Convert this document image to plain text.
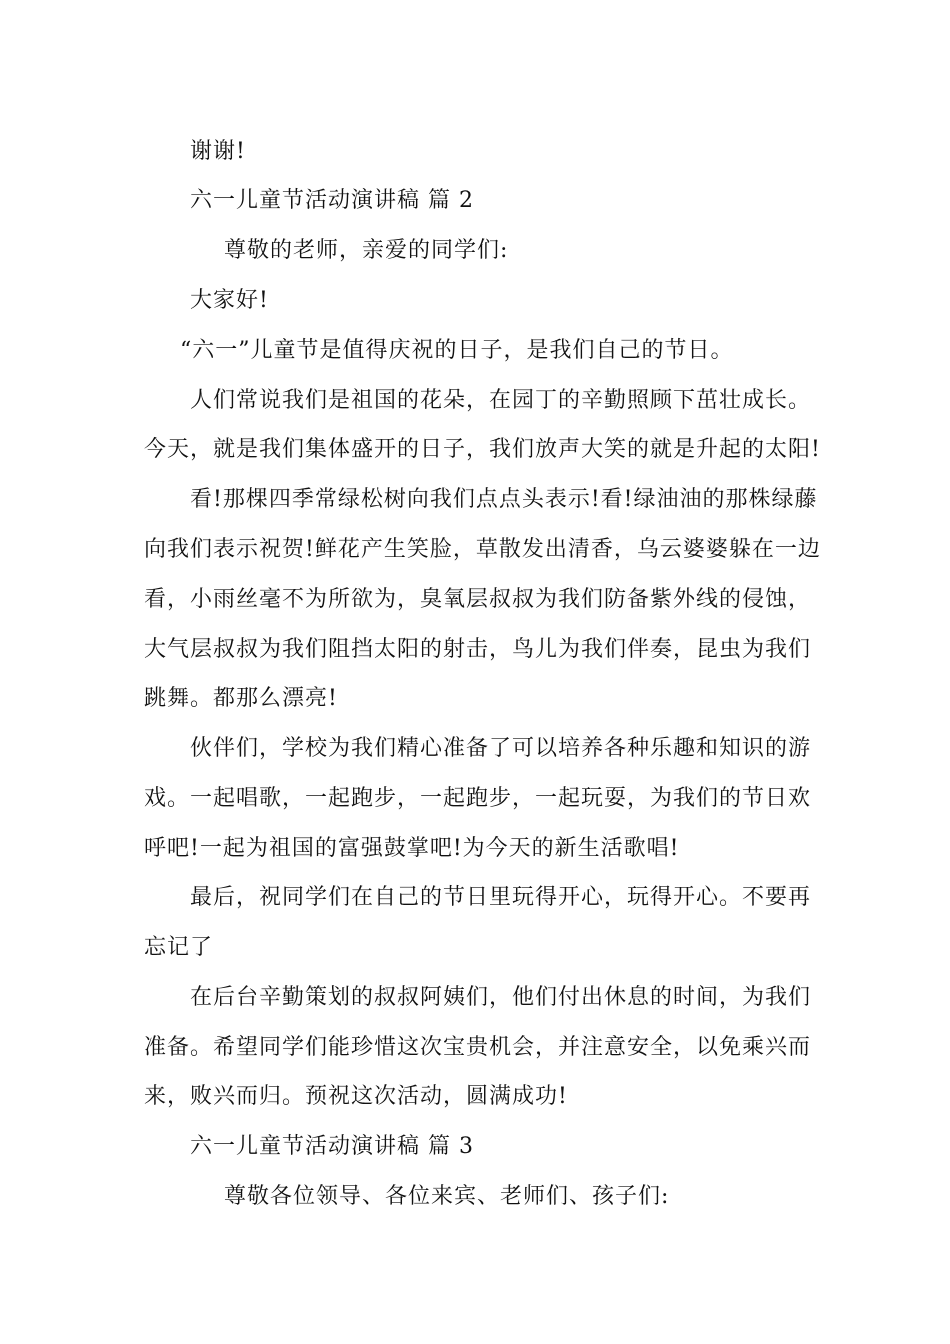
谢谢!
六一儿童节活动演讲稿 篇 2
尊敬的老师，亲爱的同学们:
大家好!
“六一”儿童节是值得庆祝的日子，是我们自己的节日。
人们常说我们是祖国的花朵，在园丁的辛勤照顾下茁壮成长。
今天，就是我们集体盛开的日子，我们放声大笑的就是升起的太阳!
看!那棵四季常绿松树向我们点点头表示!看!绿油油的那株绿藤
向我们表示祝贺!鲜花产生笑脸，草散发出清香，乌云婆婆躲在一边
看，小雨丝毫不为所欲为，臭氧层叔叔为我们防备紫外线的侵蚀，
大气层叔叔为我们阻挡太阳的射击，鸟儿为我们伴奏，昆虫为我们
跳舞。都那么漂亮!
伙伴们，学校为我们精心准备了可以培养各种乐趣和知识的游
戏。一起唱歌，一起跑步，一起跑步，一起玩耍，为我们的节日欢
呼吧!一起为祖国的富强鼓掌吧!为今天的新生活歌唱!
最后，祝同学们在自己的节日里玩得开心，玩得开心。不要再
忘记了
在后台辛勤策划的叔叔阿姨们，他们付出休息的时间，为我们
准备。希望同学们能珍惜这次宝贵机会，并注意安全，以免乘兴而
来，败兴而归。预祝这次活动，圆满成功!
六一儿童节活动演讲稿 篇 3
尊敬各位领导、各位来宾、老师们、孩子们:
